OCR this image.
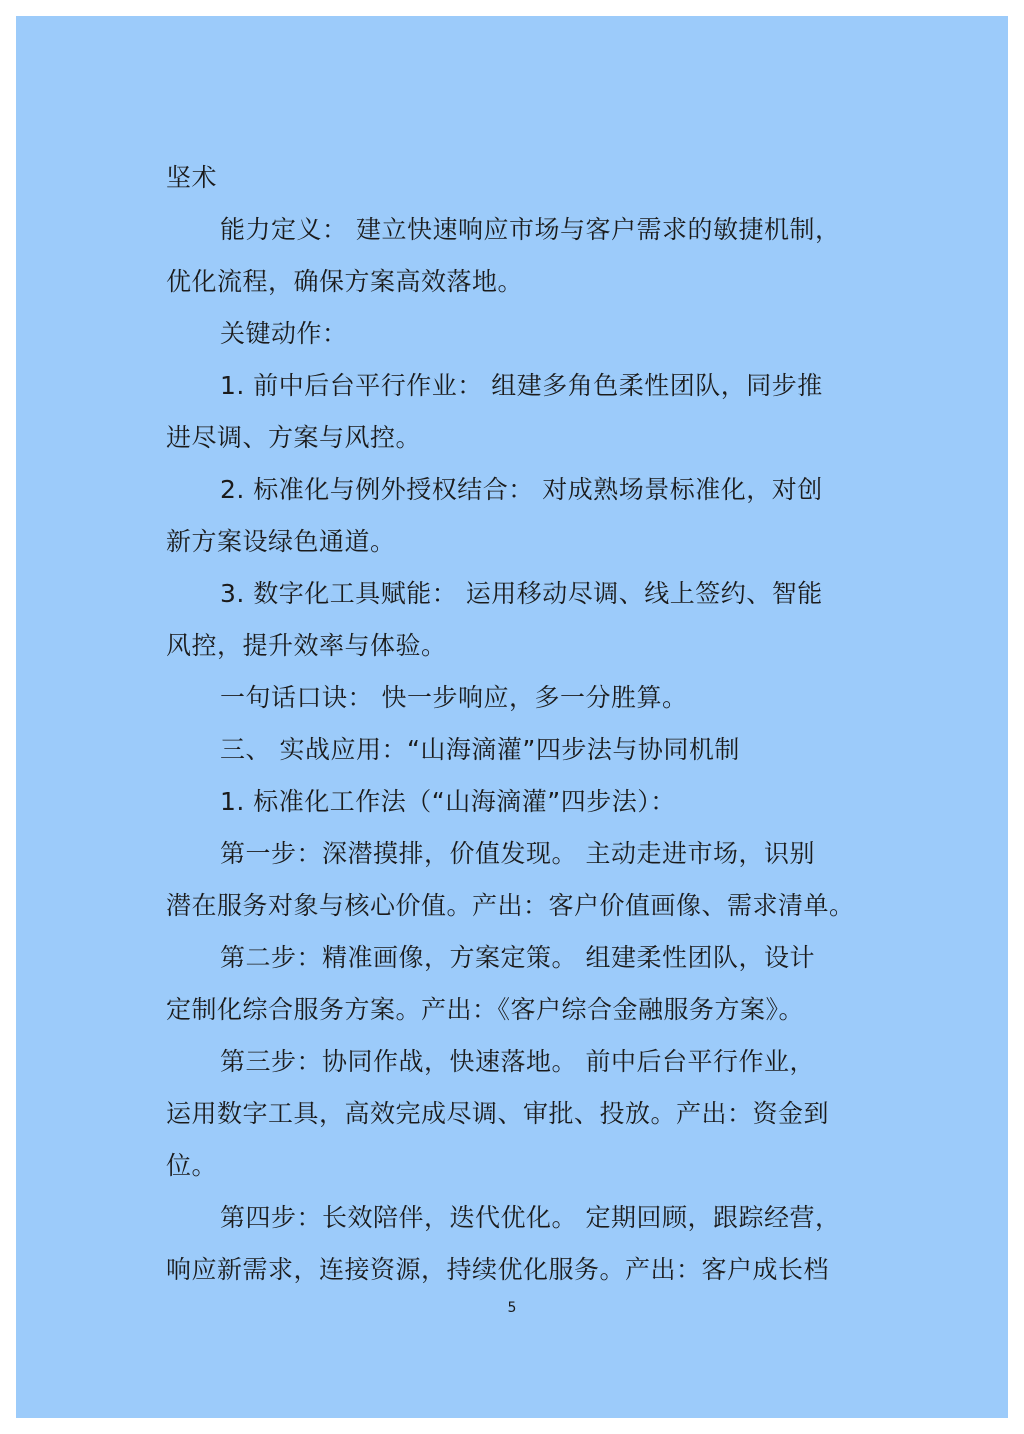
坚术
能力定义： 建立快速响应市场与客户需求的敏捷机制，
优化流程，确保方案高效落地。
关键动作：
1. 前中后台平行作业： 组建多角色柔性团队，同步推
进尽调、方案与风控。
2. 标准化与例外授权结合： 对成熟场景标准化，对创
新方案设绿色通道。
3. 数字化工具赋能： 运用移动尽调、线上签约、智能
风控，提升效率与体验。
一句话口诀： 快一步响应，多一分胜算。
三、 实战应用：“山海滴灌”四步法与协同机制
1. 标准化工作法（“山海滴灌”四步法）：
第一步：深潜摸排，价值发现。 主动走进市场，识别
潜在服务对象与核心价值。产出：客户价值画像、需求清单。
第二步：精准画像，方案定策。 组建柔性团队，设计
定制化综合服务方案。产出：《客户综合金融服务方案》。
第三步：协同作战，快速落地。 前中后台平行作业，
运用数字工具，高效完成尽调、审批、投放。产出：资金到
位。
第四步：长效陪伴，迭代优化。 定期回顾，跟踪经营，
响应新需求，连接资源，持续优化服务。产出：客户成长档
5
